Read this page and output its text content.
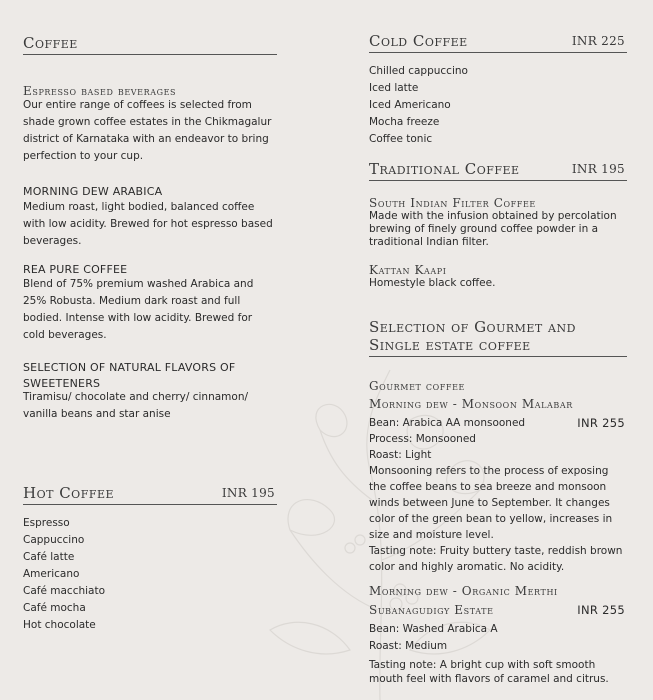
Coffee
Espresso based beverages
Our entire range of coffees is selected from shade grown coffee estates in the Chikmagalur district of Karnataka with an endeavor to bring perfection to your cup.
MORNING DEW ARABICA
Medium roast, light bodied, balanced coffee with low acidity. Brewed for hot espresso based beverages.
REA PURE COFFEE
Blend of 75% premium washed Arabica and 25% Robusta. Medium dark roast and full bodied. Intense with low acidity. Brewed for cold beverages.
SELECTION OF NATURAL FLAVORS OF SWEETENERS
Tiramisu/ chocolate and cherry/ cinnamon/ vanilla beans and star anise
Hot Coffee	INR 195
Espresso
Cappuccino
Café latte
Americano
Café macchiato
Café mocha
Hot chocolate
Cold Coffee	INR 225
Chilled cappuccino
Iced latte
Iced Americano
Mocha freeze
Coffee tonic
Traditional Coffee	INR 195
South Indian Filter Coffee
Made with the infusion obtained by percolation brewing of finely ground coffee powder in a traditional Indian filter.
Kattan Kaapi
Homestyle black coffee.
Selection of Gourmet and
Single estate coffee
Gourmet coffee
Morning dew - Monsoon Malabar
Bean: Arabica AA monsooned	INR 255
Process: Monsooned
Roast: Light
Monsooning refers to the process of exposing the coffee beans to sea breeze and monsoon winds between June to September. It changes color of the green bean to yellow, increases in size and moisture level.
Tasting note: Fruity buttery taste, reddish brown color and highly aromatic. No acidity.
Morning dew - Organic Merthi
Subanagudigy Estate	INR 255
Bean: Washed Arabica A
Roast: Medium
Tasting note: A bright cup with soft smooth mouth feel with flavors of caramel and citrus.
